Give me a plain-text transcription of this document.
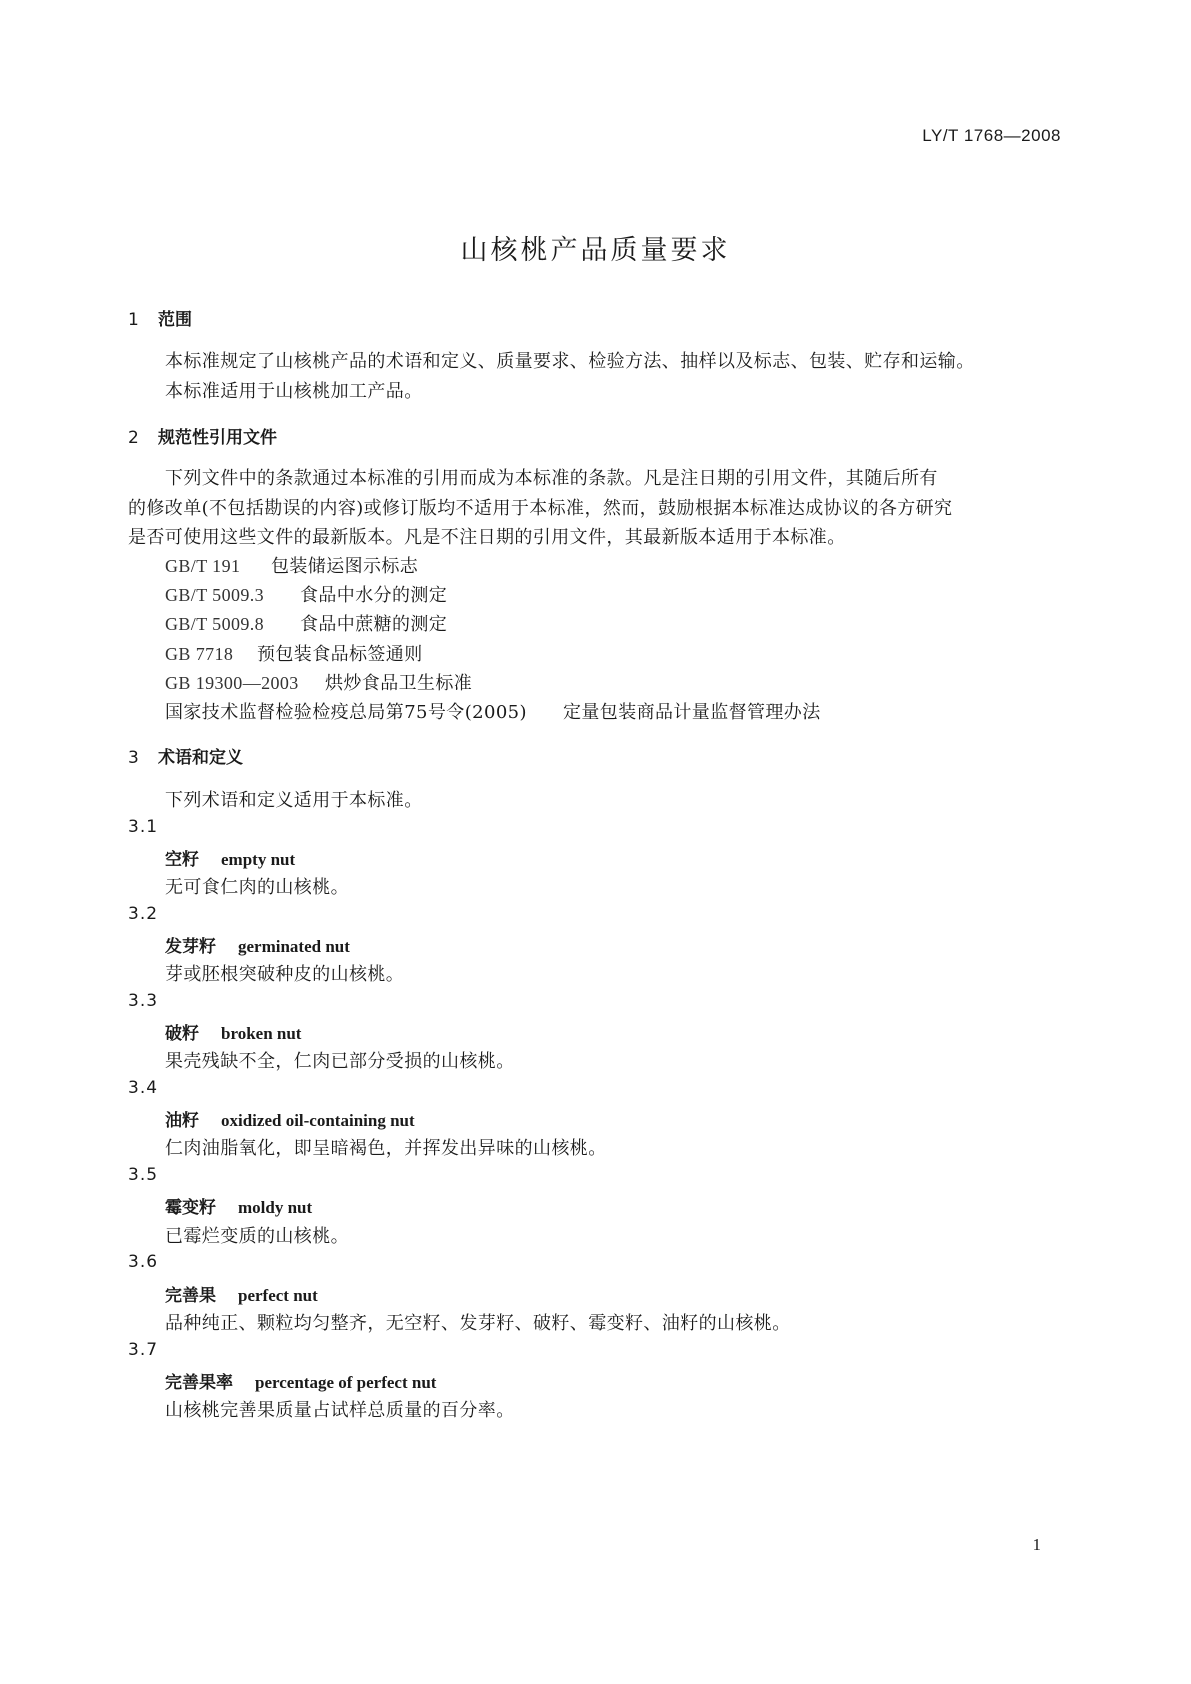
LY/T 1768—2008
山核桃产品质量要求
1 范围
本标准规定了山核桃产品的术语和定义、质量要求、检验方法、抽样以及标志、包装、贮存和运输。
本标准适用于山核桃加工产品。
2 规范性引用文件
下列文件中的条款通过本标准的引用而成为本标准的条款。凡是注日期的引用文件，其随后所有
的修改单(不包括勘误的内容)或修订版均不适用于本标准，然而，鼓励根据本标准达成协议的各方研究
是否可使用这些文件的最新版本。凡是不注日期的引用文件，其最新版本适用于本标准。
GB/T 191 包装储运图示标志
GB/T 5009.3 食品中水分的测定
GB/T 5009.8 食品中蔗糖的测定
GB 7718 预包装食品标签通则
GB 19300—2003 烘炒食品卫生标准
国家技术监督检验检疫总局第75号令(2005) 定量包装商品计量监督管理办法
3 术语和定义
下列术语和定义适用于本标准。
3.1
空籽 empty nut
无可食仁肉的山核桃。
3.2
发芽籽 germinated nut
芽或胚根突破种皮的山核桃。
3.3
破籽 broken nut
果壳残缺不全，仁肉已部分受损的山核桃。
3.4
油籽 oxidized oil-containing nut
仁肉油脂氧化，即呈暗褐色，并挥发出异味的山核桃。
3.5
霉变籽 moldy nut
已霉烂变质的山核桃。
3.6
完善果 perfect nut
品种纯正、颗粒均匀整齐，无空籽、发芽籽、破籽、霉变籽、油籽的山核桃。
3.7
完善果率 percentage of perfect nut
山核桃完善果质量占试样总质量的百分率。
1
